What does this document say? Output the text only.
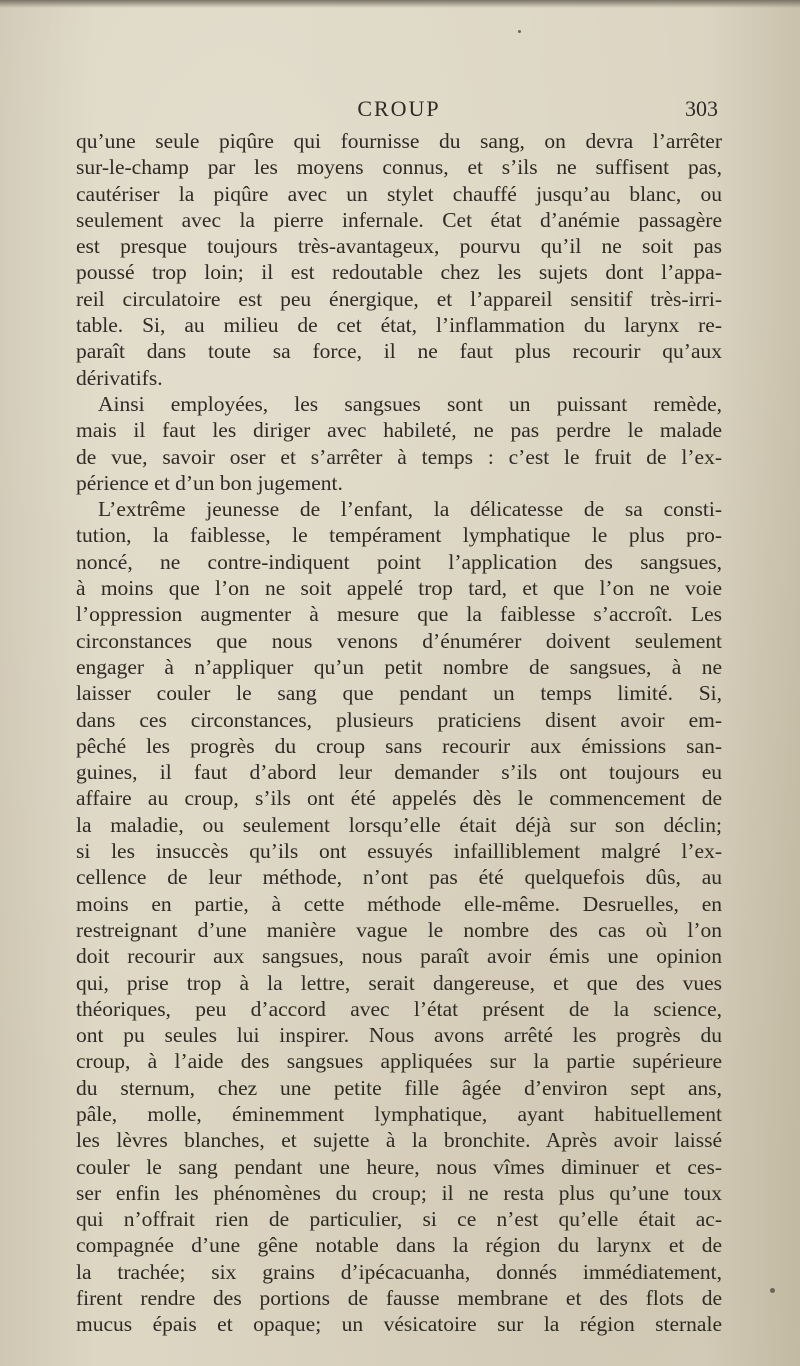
CROUP	303
qu’une seule piqûre qui fournisse du sang, on devra l’arrêter
sur-le-champ par les moyens connus, et s’ils ne suffisent pas,
cautériser la piqûre avec un stylet chauffé jusqu’au blanc, ou
seulement avec la pierre infernale. Cet état d’anémie passagère
est presque toujours très-avantageux, pourvu qu’il ne soit pas
poussé trop loin; il est redoutable chez les sujets dont l’appa-
reil circulatoire est peu énergique, et l’appareil sensitif très-irri-
table. Si, au milieu de cet état, l’inflammation du larynx re-
paraît dans toute sa force, il ne faut plus recourir qu’aux
dérivatifs.
Ainsi employées, les sangsues sont un puissant remède,
mais il faut les diriger avec habileté, ne pas perdre le malade
de vue, savoir oser et s’arrêter à temps : c’est le fruit de l’ex-
périence et d’un bon jugement.
L’extrême jeunesse de l’enfant, la délicatesse de sa consti-
tution, la faiblesse, le tempérament lymphatique le plus pro-
noncé, ne contre-indiquent point l’application des sangsues,
à moins que l’on ne soit appelé trop tard, et que l’on ne voie
l’oppression augmenter à mesure que la faiblesse s’accroît. Les
circonstances que nous venons d’énumérer doivent seulement
engager à n’appliquer qu’un petit nombre de sangsues, à ne
laisser couler le sang que pendant un temps limité. Si,
dans ces circonstances, plusieurs praticiens disent avoir em-
pêché les progrès du croup sans recourir aux émissions san-
guines, il faut d’abord leur demander s’ils ont toujours eu
affaire au croup, s’ils ont été appelés dès le commencement de
la maladie, ou seulement lorsqu’elle était déjà sur son déclin;
si les insuccès qu’ils ont essuyés infailliblement malgré l’ex-
cellence de leur méthode, n’ont pas été quelquefois dûs, au
moins en partie, à cette méthode elle-même. Desruelles, en
restreignant d’une manière vague le nombre des cas où l’on
doit recourir aux sangsues, nous paraît avoir émis une opinion
qui, prise trop à la lettre, serait dangereuse, et que des vues
théoriques, peu d’accord avec l’état présent de la science,
ont pu seules lui inspirer. Nous avons arrêté les progrès du
croup, à l’aide des sangsues appliquées sur la partie supérieure
du sternum, chez une petite fille âgée d’environ sept ans,
pâle, molle, éminemment lymphatique, ayant habituellement
les lèvres blanches, et sujette à la bronchite. Après avoir laissé
couler le sang pendant une heure, nous vîmes diminuer et ces-
ser enfin les phénomènes du croup; il ne resta plus qu’une toux
qui n’offrait rien de particulier, si ce n’est qu’elle était ac-
compagnée d’une gêne notable dans la région du larynx et de
la trachée; six grains d’ipécacuanha, donnés immédiatement,
firent rendre des portions de fausse membrane et des flots de
mucus épais et opaque; un vésicatoire sur la région sternale
